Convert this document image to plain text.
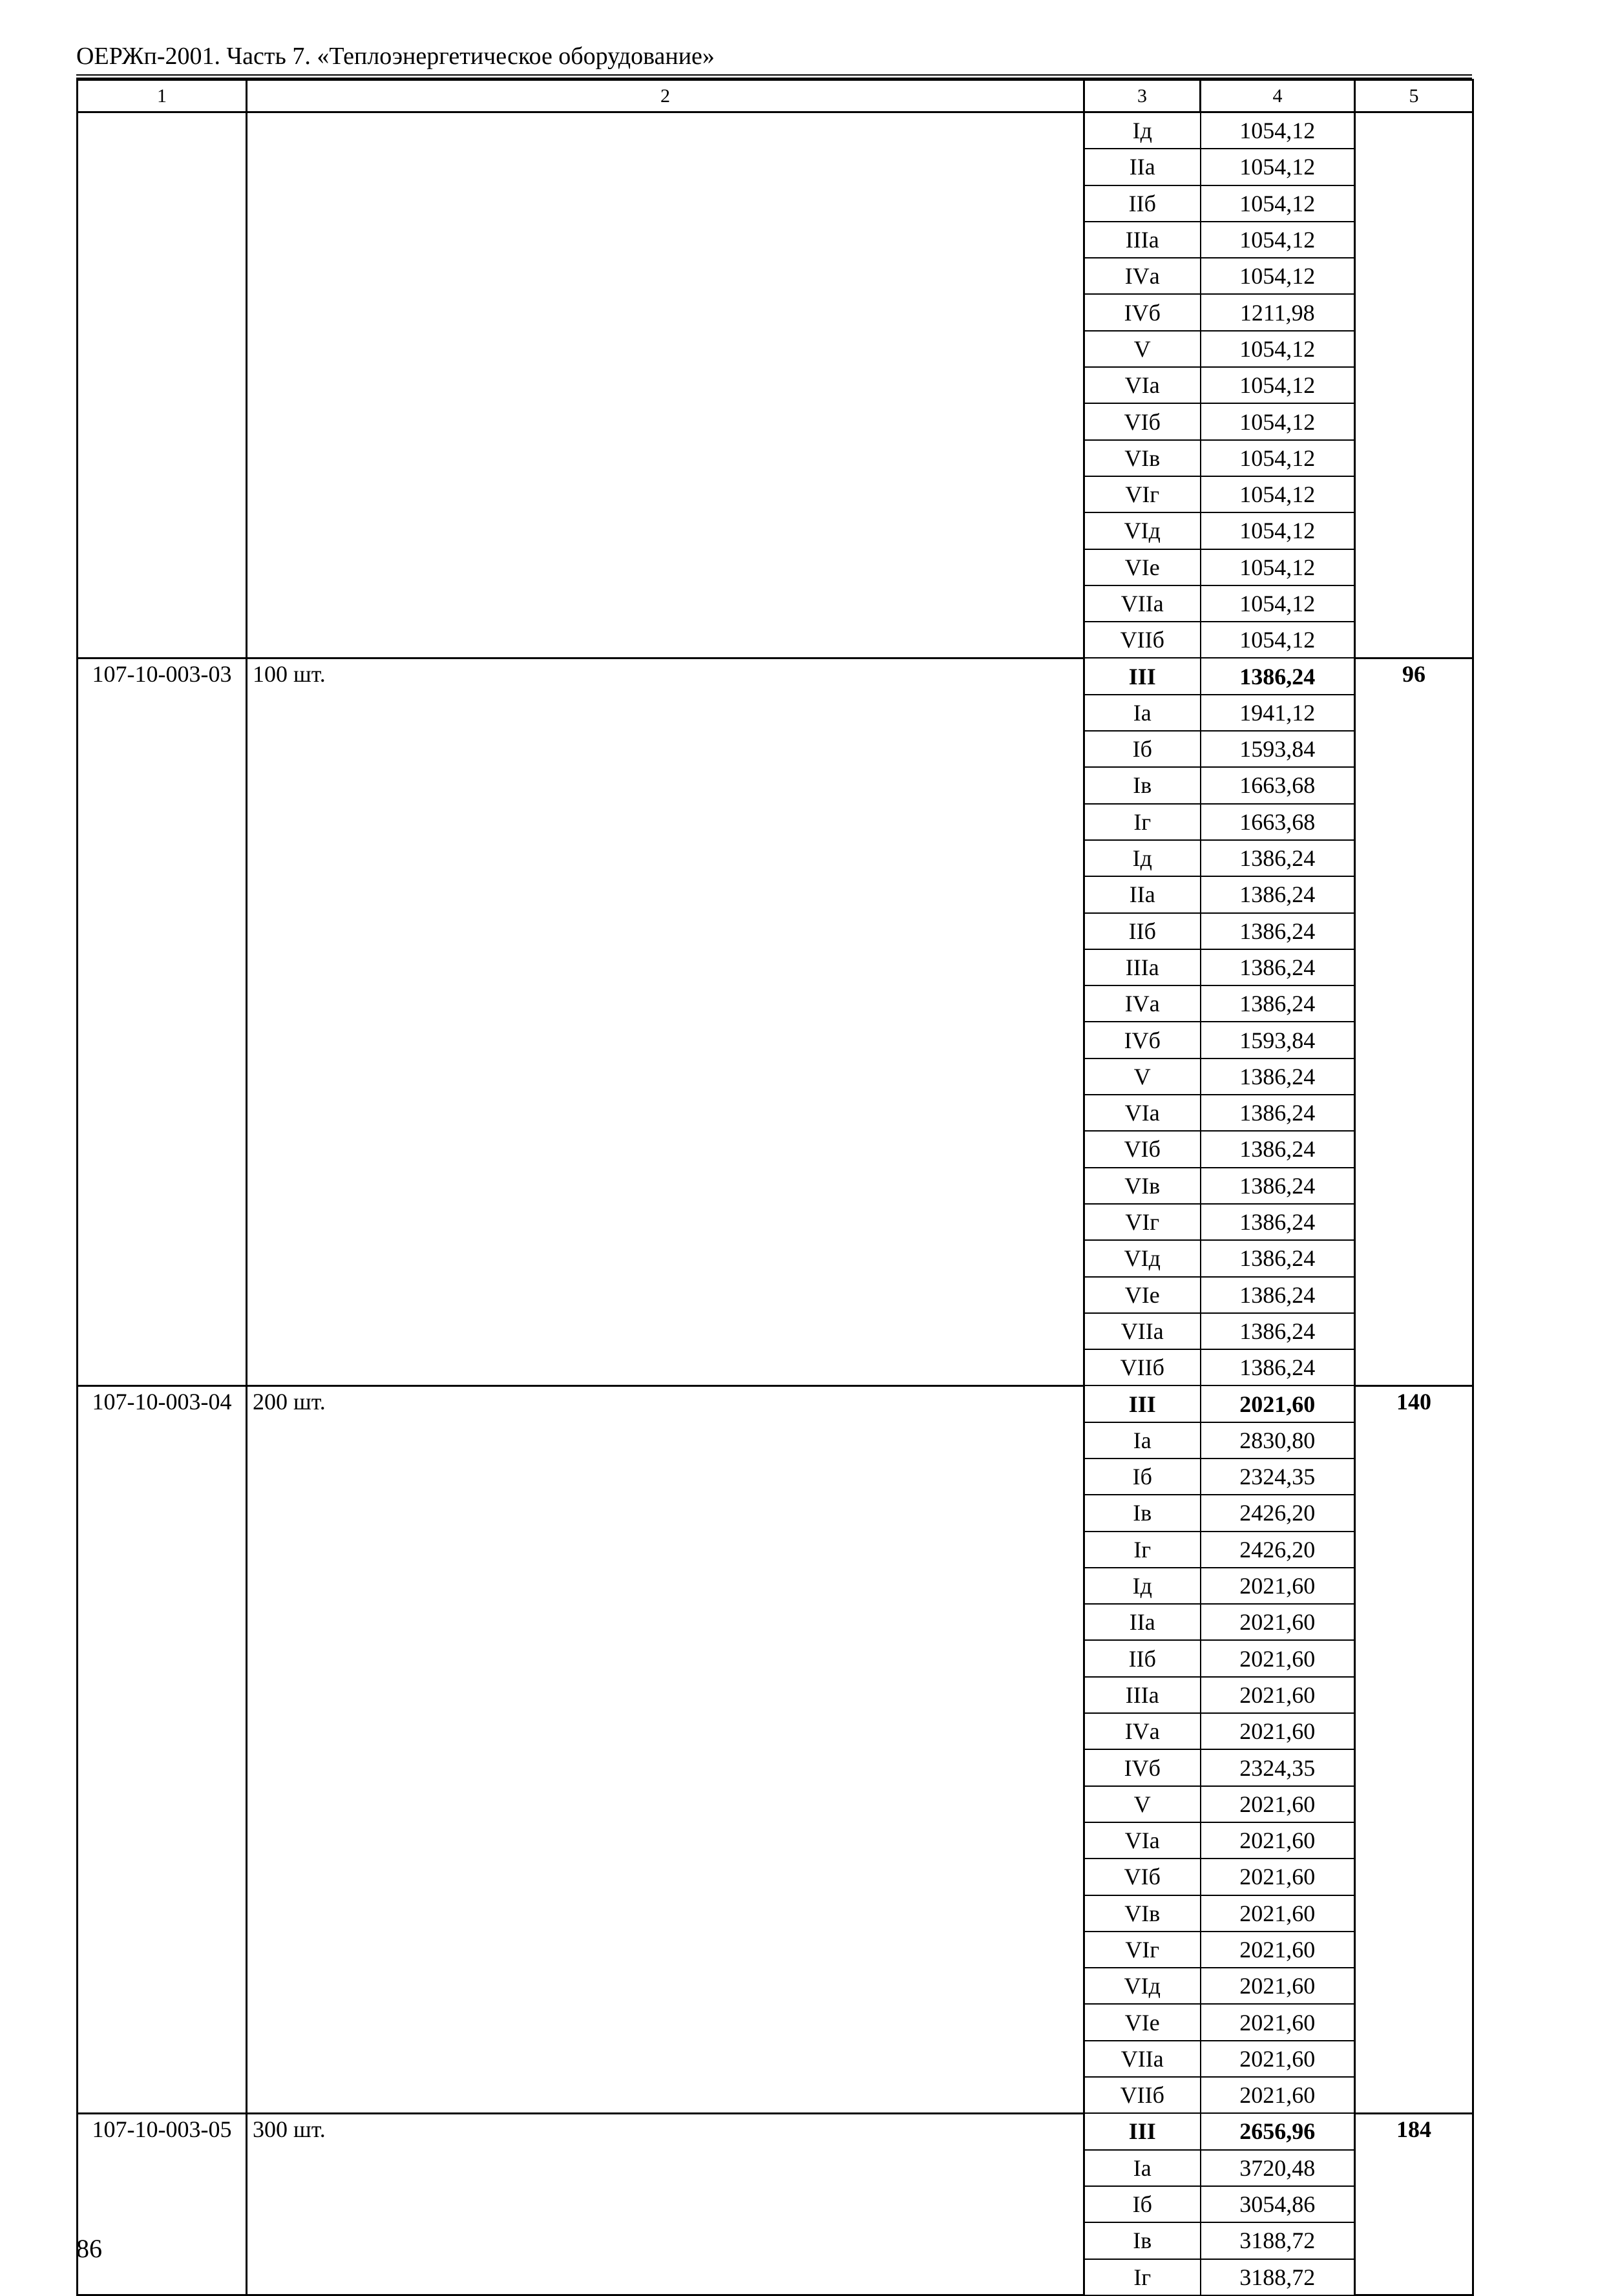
ОЕРЖп-2001. Часть 7. «Теплоэнергетическое оборудование»
1	2	3	4	5
		Iд	1054,12	
		IIа	1054,12	
		IIб	1054,12	
		IIIа	1054,12	
		IVа	1054,12	
		IVб	1211,98	
		V	1054,12	
		VIа	1054,12	
		VIб	1054,12	
		VIв	1054,12	
		VIг	1054,12	
		VIд	1054,12	
		VIе	1054,12	
		VIIа	1054,12	
		VIIб	1054,12	
107-10-003-03	100 шт.	III	1386,24	96
		Iа	1941,12	
		Iб	1593,84	
		Iв	1663,68	
		Iг	1663,68	
		Iд	1386,24	
		IIа	1386,24	
		IIб	1386,24	
		IIIа	1386,24	
		IVа	1386,24	
		IVб	1593,84	
		V	1386,24	
		VIа	1386,24	
		VIб	1386,24	
		VIв	1386,24	
		VIг	1386,24	
		VIд	1386,24	
		VIе	1386,24	
		VIIа	1386,24	
		VIIб	1386,24	
107-10-003-04	200 шт.	III	2021,60	140
		Iа	2830,80	
		Iб	2324,35	
		Iв	2426,20	
		Iг	2426,20	
		Iд	2021,60	
		IIа	2021,60	
		IIб	2021,60	
		IIIа	2021,60	
		IVа	2021,60	
		IVб	2324,35	
		V	2021,60	
		VIа	2021,60	
		VIб	2021,60	
		VIв	2021,60	
		VIг	2021,60	
		VIд	2021,60	
		VIе	2021,60	
		VIIа	2021,60	
		VIIб	2021,60	
107-10-003-05	300 шт.	III	2656,96	184
		Iа	3720,48	
		Iб	3054,86	
		Iв	3188,72	
		Iг	3188,72	
86
